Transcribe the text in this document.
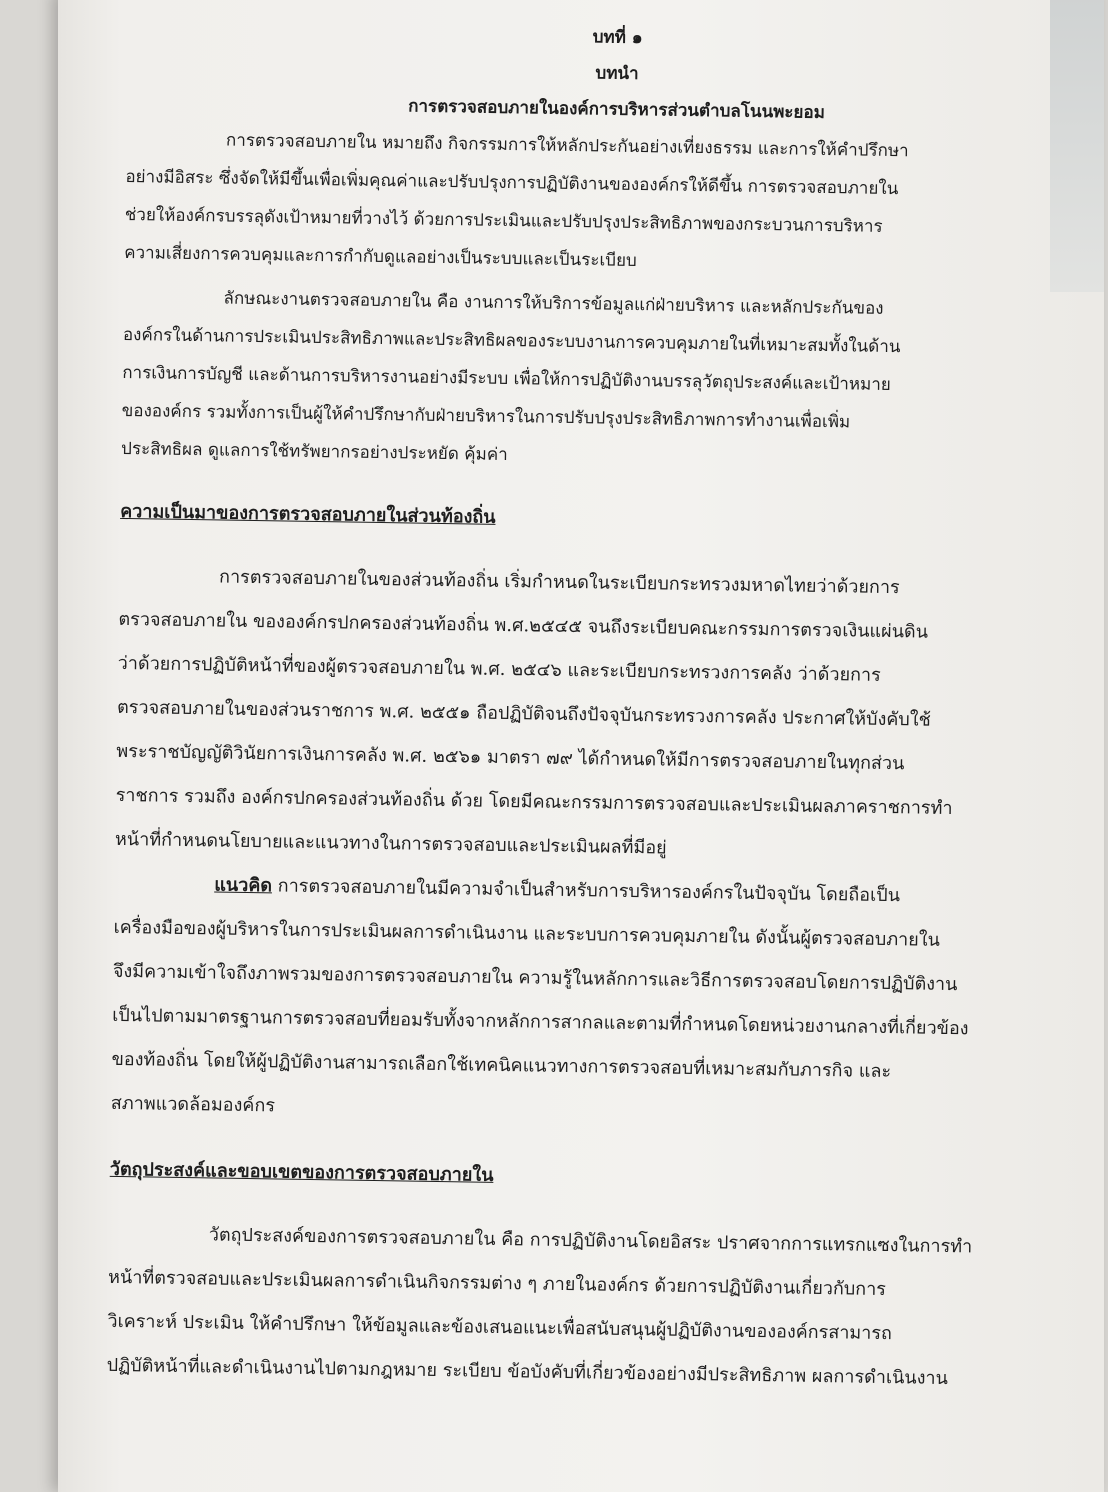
บทที่ ๑

บทนำ

การตรวจสอบภายในองค์การบริหารส่วนตำบลโนนพะยอม

การตรวจสอบภายใน หมายถึง กิจกรรมการให้หลักประกันอย่างเที่ยงธรรม และการให้คำปรึกษา

อย่างมีอิสระ ซึ่งจัดให้มีขึ้นเพื่อเพิ่มคุณค่าและปรับปรุงการปฏิบัติงานขององค์กรให้ดีขึ้น การตรวจสอบภายใน

ช่วยให้องค์กรบรรลุดังเป้าหมายที่วางไว้ ด้วยการประเมินและปรับปรุงประสิทธิภาพของกระบวนการบริหาร

ความเสี่ยงการควบคุมและการกำกับดูแลอย่างเป็นระบบและเป็นระเบียบ

ลักษณะงานตรวจสอบภายใน คือ งานการให้บริการข้อมูลแก่ฝ่ายบริหาร และหลักประกันของ

องค์กรในด้านการประเมินประสิทธิภาพและประสิทธิผลของระบบงานการควบคุมภายในที่เหมาะสมทั้งในด้าน

การเงินการบัญชี และด้านการบริหารงานอย่างมีระบบ เพื่อให้การปฏิบัติงานบรรลุวัตถุประสงค์และเป้าหมาย

ขององค์กร รวมทั้งการเป็นผู้ให้คำปรึกษากับฝ่ายบริหารในการปรับปรุงประสิทธิภาพการทำงานเพื่อเพิ่ม

ประสิทธิผล ดูแลการใช้ทรัพยากรอย่างประหยัด คุ้มค่า

ความเป็นมาของการตรวจสอบภายในส่วนท้องถิ่น

การตรวจสอบภายในของส่วนท้องถิ่น เริ่มกำหนดในระเบียบกระทรวงมหาดไทยว่าด้วยการ

ตรวจสอบภายใน ขององค์กรปกครองส่วนท้องถิ่น พ.ศ.๒๕๔๕ จนถึงระเบียบคณะกรรมการตรวจเงินแผ่นดิน

ว่าด้วยการปฏิบัติหน้าที่ของผู้ตรวจสอบภายใน พ.ศ. ๒๕๔๖ และระเบียบกระทรวงการคลัง ว่าด้วยการ

ตรวจสอบภายในของส่วนราชการ พ.ศ. ๒๕๕๑ ถือปฏิบัติจนถึงปัจจุบันกระทรวงการคลัง ประกาศให้บังคับใช้

พระราชบัญญัติวินัยการเงินการคลัง พ.ศ. ๒๕๖๑ มาตรา ๗๙ ได้กำหนดให้มีการตรวจสอบภายในทุกส่วน

ราชการ รวมถึง องค์กรปกครองส่วนท้องถิ่น ด้วย โดยมีคณะกรรมการตรวจสอบและประเมินผลภาคราชการทำ

หน้าที่กำหนดนโยบายและแนวทางในการตรวจสอบและประเมินผลที่มีอยู่

แนวคิด การตรวจสอบภายในมีความจำเป็นสำหรับการบริหารองค์กรในปัจจุบัน โดยถือเป็น

เครื่องมือของผู้บริหารในการประเมินผลการดำเนินงาน และระบบการควบคุมภายใน ดังนั้นผู้ตรวจสอบภายใน

จึงมีความเข้าใจถึงภาพรวมของการตรวจสอบภายใน ความรู้ในหลักการและวิธีการตรวจสอบโดยการปฏิบัติงาน

เป็นไปตามมาตรฐานการตรวจสอบที่ยอมรับทั้งจากหลักการสากลและตามที่กำหนดโดยหน่วยงานกลางที่เกี่ยวข้อง

ของท้องถิ่น โดยให้ผู้ปฏิบัติงานสามารถเลือกใช้เทคนิคแนวทางการตรวจสอบที่เหมาะสมกับภารกิจ และ

สภาพแวดล้อมองค์กร

วัตถุประสงค์และขอบเขตของการตรวจสอบภายใน

วัตถุประสงค์ของการตรวจสอบภายใน คือ การปฏิบัติงานโดยอิสระ ปราศจากการแทรกแซงในการทำ

หน้าที่ตรวจสอบและประเมินผลการดำเนินกิจกรรมต่าง ๆ ภายในองค์กร ด้วยการปฏิบัติงานเกี่ยวกับการ

วิเคราะห์ ประเมิน ให้คำปรึกษา ให้ข้อมูลและข้องเสนอแนะเพื่อสนับสนุนผู้ปฏิบัติงานขององค์กรสามารถ

ปฏิบัติหน้าที่และดำเนินงานไปตามกฎหมาย ระเบียบ ข้อบังคับที่เกี่ยวข้องอย่างมีประสิทธิภาพ ผลการดำเนินงาน
